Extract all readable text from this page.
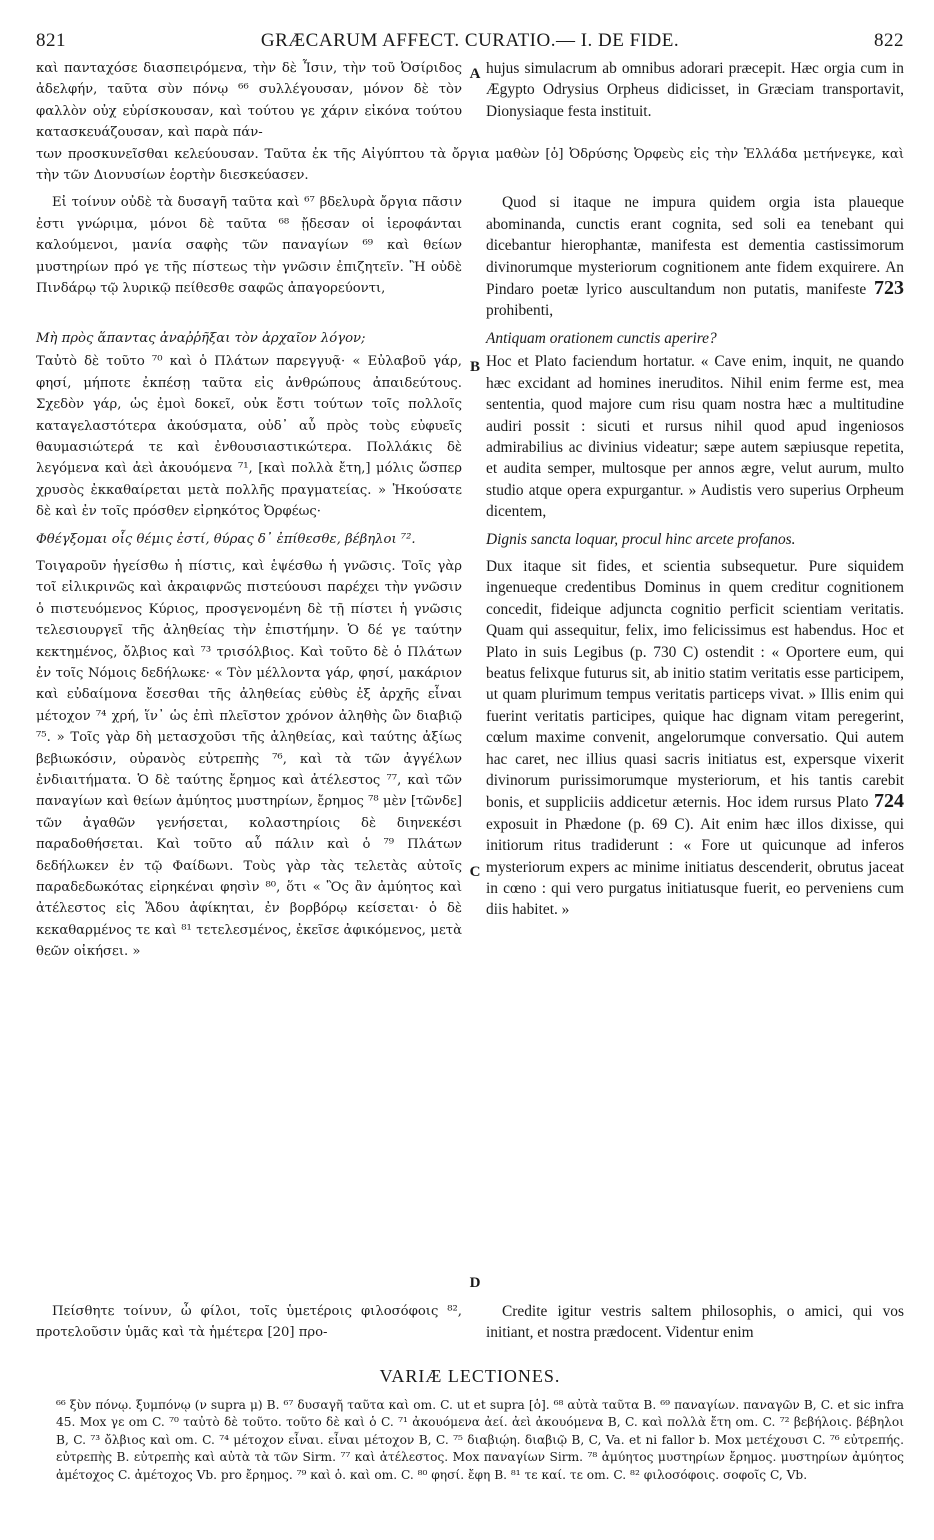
821	GRÆCARUM AFFECT. CURATIO.— I. DE FIDE.	822
καὶ πανταχόσε διασπειρόμενα, τὴν δὲ Ἶσιν, τὴν τοῦ Ὀσίριδος ἀδελφήν, ταῦτα σὺν πόνῳ ⁶⁶ συλλέγουσαν, μόνον δὲ τὸν φαλλὸν οὐχ εὑρίσκουσαν, καὶ τούτου γε χάριν εἰκόνα τούτου κατασκευάζουσαν, καὶ παρὰ πάν-
A hujus simulacrum ab omnibus adorari præcepit. Hæc orgia cum in Ægypto Odrysius Orpheus didicisset, in Græciam transportavit, Dionysiaque festa instituit.
των προσκυνεῖσθαι κελεύουσαν. Ταῦτα ἐκ τῆς Αἰγύπτου τὰ ὄργια μαθὼν [ὁ] Ὀδρύσης Ὀρφεὺς εἰς τὴν Ἑλλάδα μετήνεγκε, καὶ τὴν τῶν Διονυσίων ἑορτὴν διεσκεύασεν.
Εἰ τοίνυν οὐδὲ τὰ δυσαγῆ ταῦτα καὶ ⁶⁷ βδελυρὰ ὄργια πᾶσιν ἐστι γνώριμα, μόνοι δὲ ταῦτα ⁶⁸ ᾔδεσαν οἱ ἱεροφάνται καλούμενοι, μανία σαφὴς τῶν παναγίων ⁶⁹ καὶ θείων μυστηρίων πρό γε τῆς πίστεως τὴν γνῶσιν ἐπιζητεῖν. Ἢ οὐδὲ Πινδάρῳ τῷ λυρικῷ πείθεσθε σαφῶς ἀπαγορεύοντι,
Quod si itaque ne impura quidem orgia ista plaueque abominanda, cunctis erant cognita, sed soli ea tenebant qui dicebantur hierophantæ, manifesta est dementia castissimorum divinorumque mysteriorum cognitionem ante fidem exquirere. An Pindaro poetæ lyrico auscultandum non putatis, manifeste 723 prohibenti,
Μὴ πρὸς ἅπαντας ἀναῤῥῆξαι τὸν ἀρχαῖον λόγον;	Antiquam orationem cunctis aperire?
Ταὐτὸ δὲ τοῦτο ⁷⁰ καὶ ὁ Πλάτων παρεγγυᾷ· « Εὐλαβοῦ γάρ, φησί, μήποτε ἐκπέσῃ ταῦτα εἰς ἀνθρώπους ἀπαιδεύτους. Σχεδὸν γάρ, ὡς ἐμοὶ δοκεῖ, οὐκ ἔστι τούτων τοῖς πολλοῖς καταγελαστότερα ἀκούσματα, οὐδ᾽ αὖ πρὸς τοὺς εὐφυεῖς θαυμασιώτερά τε καὶ ἐνθουσιαστικώτερα. Πολλάκις δὲ λεγόμενα καὶ ἀεὶ ἀκουόμενα ⁷¹, [καὶ πολλὰ ἔτη,] μόλις ὥσπερ χρυσὸς ἐκκαθαίρεται μετὰ πολλῆς πραγματείας. » Ἠκούσατε δὲ καὶ ἐν τοῖς πρόσθεν εἰρηκότος Ὀρφέως·
B Hoc et Plato faciendum hortatur. « Cave enim, inquit, ne quando hæc excidant ad homines ineruditos. Nihil enim ferme est, mea sententia, quod majore cum risu quam nostra hæc a multitudine audiri possit : sicuti et rursus nihil quod apud ingeniosos admirabilius ac divinius videatur; sæpe autem sæpiusque repetita, et audita semper, multosque per annos ægre, velut aurum, multo studio atque opera expurgantur. » Audistis vero superius Orpheum dicentem,
Φθέγξομαι οἷς θέμις ἐστί, θύρας δ᾽ ἐπίθεσθε, βέβηλοι ⁷².	Dignis sancta loquar, procul hinc arcete profanos.
Τοιγαροῦν ἡγείσθω ἡ πίστις, καὶ ἑψέσθω ἡ γνῶσις. Τοῖς γὰρ τοῖ εἰλικρινῶς καὶ ἀκραιφνῶς πιστεύουσι παρέχει τὴν γνῶσιν ὁ πιστευόμενος Κύριος, προσγενομένη δὲ τῇ πίστει ἡ γνῶσις τελεσιουργεῖ τῆς ἀληθείας τὴν ἐπιστήμην. Ὁ δέ γε ταύτην κεκτημένος, ὄλβιος καὶ ⁷³ τρισόλβιος. Καὶ τοῦτο δὲ ὁ Πλάτων ἐν τοῖς Νόμοις δεδήλωκε· « Τὸν μέλλοντα γάρ, φησί, μακάριον καὶ εὐδαίμονα ἔσεσθαι τῆς ἀληθείας εὐθὺς ἐξ ἀρχῆς εἶναι μέτοχον ⁷⁴ χρή, ἵν᾽ ὡς ἐπὶ πλεῖστον χρόνον ἀληθὴς ὢν διαβιῷ ⁷⁵. » Τοῖς γὰρ δὴ μετασχοῦσι τῆς ἀληθείας, καὶ ταύτης ἀξίως βεβιωκόσιν, οὐρανὸς εὐτρεπὴς ⁷⁶, καὶ τὰ τῶν ἀγγέλων ἐνδιαιτήματα. Ὁ δὲ ταύτης ἔρημος καὶ ἀτέλεστος ⁷⁷, καὶ τῶν παναγίων καὶ θείων ἀμύητος μυστηρίων, ἔρημος ⁷⁸ μὲν [τῶνδε] τῶν ἀγαθῶν γενήσεται, κολαστηρίοις δὲ διηνεκέσι παραδοθήσεται. Καὶ τοῦτο αὖ πάλιν καὶ ὁ ⁷⁹ Πλάτων δεδήλωκεν ἐν τῷ Φαίδωνι. Τοὺς γὰρ τὰς τελετὰς αὐτοῖς παραδεδωκότας εἰρηκέναι φησὶν ⁸⁰, ὅτι « Ὃς ἂν ἀμύητος καὶ ἀτέλεστος εἰς Ἅδου ἀφίκηται, ἐν βορβόρῳ κείσεται· ὁ δὲ κεκαθαρμένος τε καὶ ⁸¹ τετελεσμένος, ἐκεῖσε ἀφικόμενος, μετὰ θεῶν οἰκήσει. »
C
D
Dux itaque sit fides, et scientia subsequetur. Pure siquidem ingenueque credentibus Dominus in quem creditur cognitionem concedit, fideique adjuncta cognitio perficit scientiam veritatis. Quam qui assequitur, felix, imo felicissimus est habendus. Hoc et Plato in suis Legibus (p. 730 C) ostendit : « Oportere eum, qui beatus felixque futurus sit, ab initio statim veritatis esse participem, ut quam plurimum tempus veritatis particeps vivat. » Illis enim qui fuerint veritatis participes, quique hac dignam vitam peregerint, cœlum maxime convenit, angelorumque conversatio. Qui autem hac caret, nec illius quasi sacris initiatus est, expersque vixerit divinorum purissimorumque mysteriorum, et his tantis carebit bonis, et suppliciis addicetur æternis. Hoc idem rursus Plato 724 exposuit in Phædone (p. 69 C). Ait enim hæc illos dixisse, qui initiorum ritus tradiderunt : « Fore ut quicunque ad inferos mysteriorum expers ac minime initiatus descenderit, obrutus jaceat in cœno : qui vero purgatus initiatusque fuerit, eo perveniens cum diis habitet. »
Πείσθητε τοίνυν, ὦ φίλοι, τοῖς ὑμετέροις φιλοσόφοις ⁸², προτελοῦσιν ὑμᾶς καὶ τὰ ἡμέτερα [20] προ-
Credite igitur vestris saltem philosophis, o amici, qui vos initiant, et nostra prædocent. Videntur enim
VARIÆ LECTIONES.
⁶⁶ ξὺν πόνῳ. ξυμπόνῳ (ν supra μ) B. ⁶⁷ δυσαγῆ ταῦτα καὶ om. C. ut et supra [ὁ]. ⁶⁸ αὐτὰ ταῦτα B. ⁶⁹ παναγίων. παναγῶν B, C. et sic infra 45. Mox γε om C. ⁷⁰ ταὐτὸ δὲ τοῦτο. τοῦτο δὲ καὶ ὁ C. ⁷¹ ἀκουόμενα ἀεί. ἀεὶ ἀκουόμενα B, C. καὶ πολλὰ ἔτη om. C. ⁷² βεβήλοις. βέβηλοι B, C. ⁷³ ὄλβιος καὶ om. C. ⁷⁴ μέτοχον εἶναι. εἶναι μέτοχον B, C. ⁷⁵ διαβιῴη. διαβιῷ B, C, Va. et ni fallor b. Mox μετέχουσι C. ⁷⁶ εὐτρεπής. εὐτρεπὴς B. εὐτρεπὴς καὶ αὐτὰ τὰ τῶν Sirm. ⁷⁷ καὶ ἀτέλεστος. Mox παναγίων Sirm. ⁷⁸ ἀμύητος μυστηρίων ἔρημος. μυστηρίων ἀμύητος ἀμέτοχος C. ἀμέτοχος Vb. pro ἔρημος. ⁷⁹ καὶ ὁ. καὶ om. C. ⁸⁰ φησί. ἔφη B. ⁸¹ τε καί. τε om. C. ⁸² φιλοσόφοις. σοφοῖς C, Vb.
